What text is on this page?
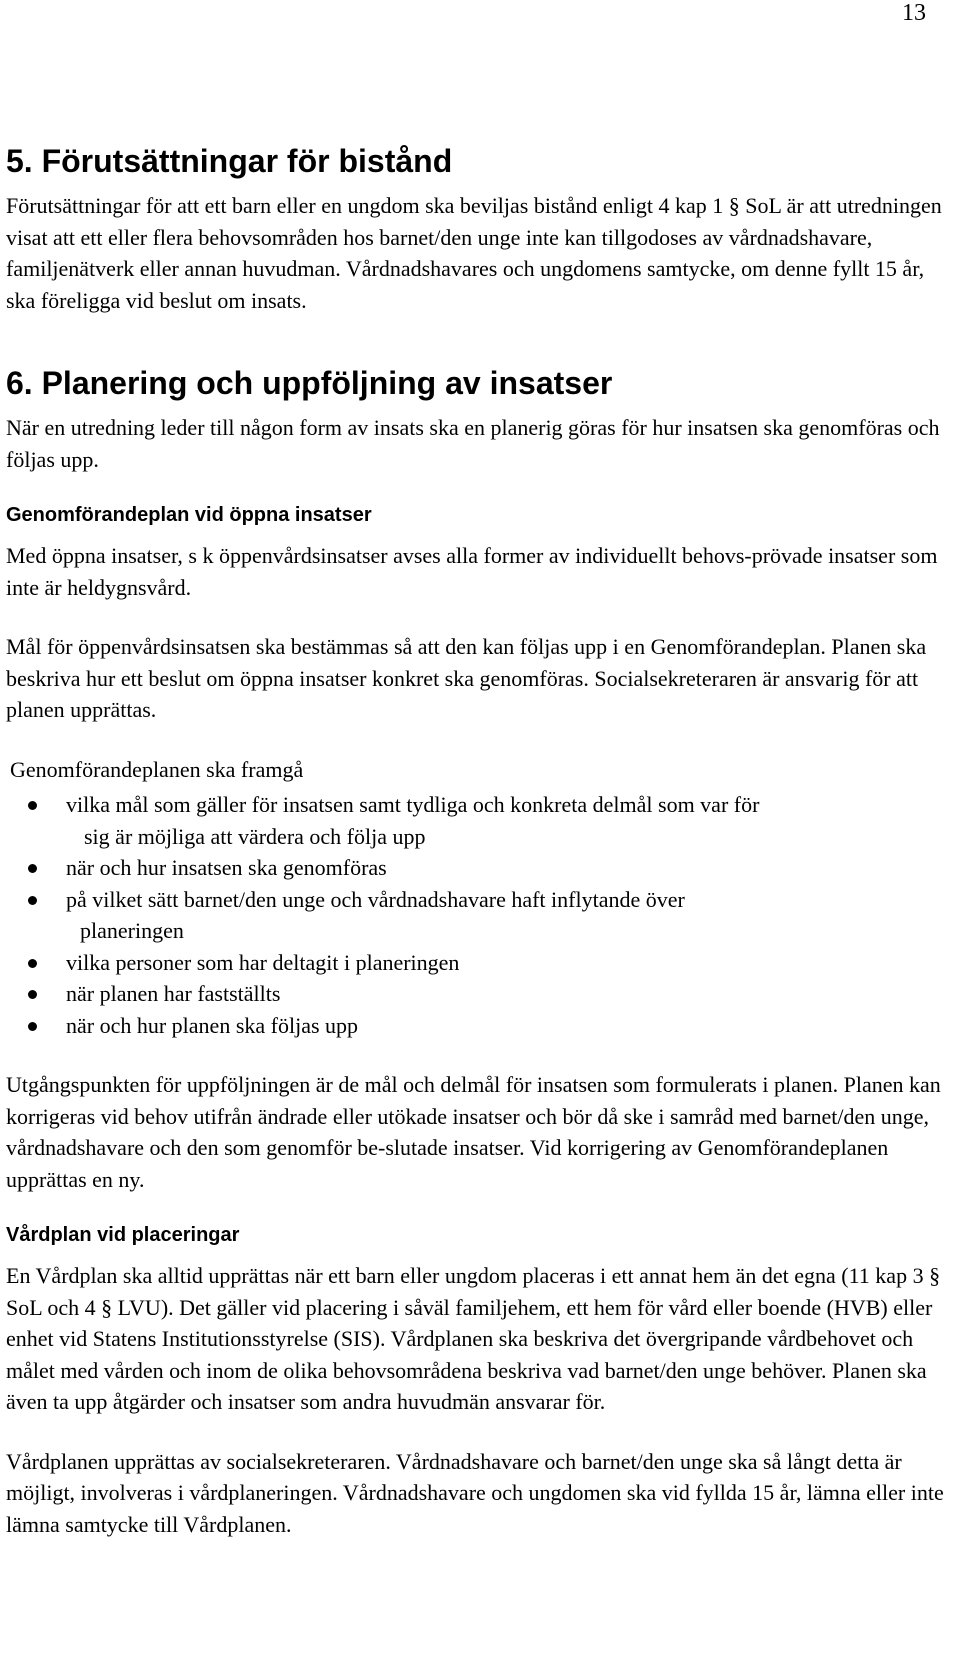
13
5. Förutsättningar för bistånd

Förutsättningar för att ett barn eller en ungdom ska beviljas bistånd enligt 4 kap 1 § SoL är att utredningen visat att ett eller flera behovsområden hos barnet/den unge inte kan tillgodoses av vårdnadshavare, familjenätverk eller annan huvudman. Vårdnadshavares och ungdomens samtycke, om denne fyllt 15 år, ska föreligga vid beslut om insats.

6. Planering och uppföljning av insatser

När en utredning leder till någon form av insats ska en planerig göras för hur insatsen ska genomföras och följas upp.

Genomförandeplan vid öppna insatser

Med öppna insatser, s k öppenvårdsinsatser avses alla former av individuellt behovs-prövade insatser som inte är heldygnsvård.

Mål för öppenvårdsinsatsen ska bestämmas så att den kan följas upp i en Genomförandeplan. Planen ska beskriva hur ett beslut om öppna insatser konkret ska genomföras. Socialsekreteraren är ansvarig för att planen upprättas.

Genomförandeplanen ska framgå

vilka mål som gäller för insatsen samt tydliga och konkreta delmål som var för
sig är möjliga att värdera och följa upp
när och hur insatsen ska genomföras
på vilket sätt barnet/den unge och vårdnadshavare haft inflytande över
planeringen
vilka personer som har deltagit i planeringen
när planen har fastställts
när och hur planen ska följas upp

Utgångspunkten för uppföljningen är de mål och delmål för insatsen som formulerats i planen. Planen kan korrigeras vid behov utifrån ändrade eller utökade insatser och bör då ske i samråd med barnet/den unge, vårdnadshavare och den som genomför be-slutade insatser. Vid korrigering av Genomförandeplanen upprättas en ny.

Vårdplan vid placeringar

En Vårdplan ska alltid upprättas när ett barn eller ungdom placeras i ett annat hem än det egna (11 kap 3 § SoL och 4 § LVU). Det gäller vid placering i såväl familjehem, ett hem för vård eller boende (HVB) eller enhet vid Statens Institutionsstyrelse (SIS). Vårdplanen ska beskriva det övergripande vårdbehovet och målet med vården och inom de olika behovsområdena beskriva vad barnet/den unge behöver. Planen ska även ta upp åtgärder och insatser som andra huvudmän ansvarar för.

Vårdplanen upprättas av socialsekreteraren. Vårdnadshavare och barnet/den unge ska så långt detta är möjligt, involveras i vårdplaneringen. Vårdnadshavare och ungdomen ska vid fyllda 15 år, lämna eller inte lämna samtycke till Vårdplanen.
